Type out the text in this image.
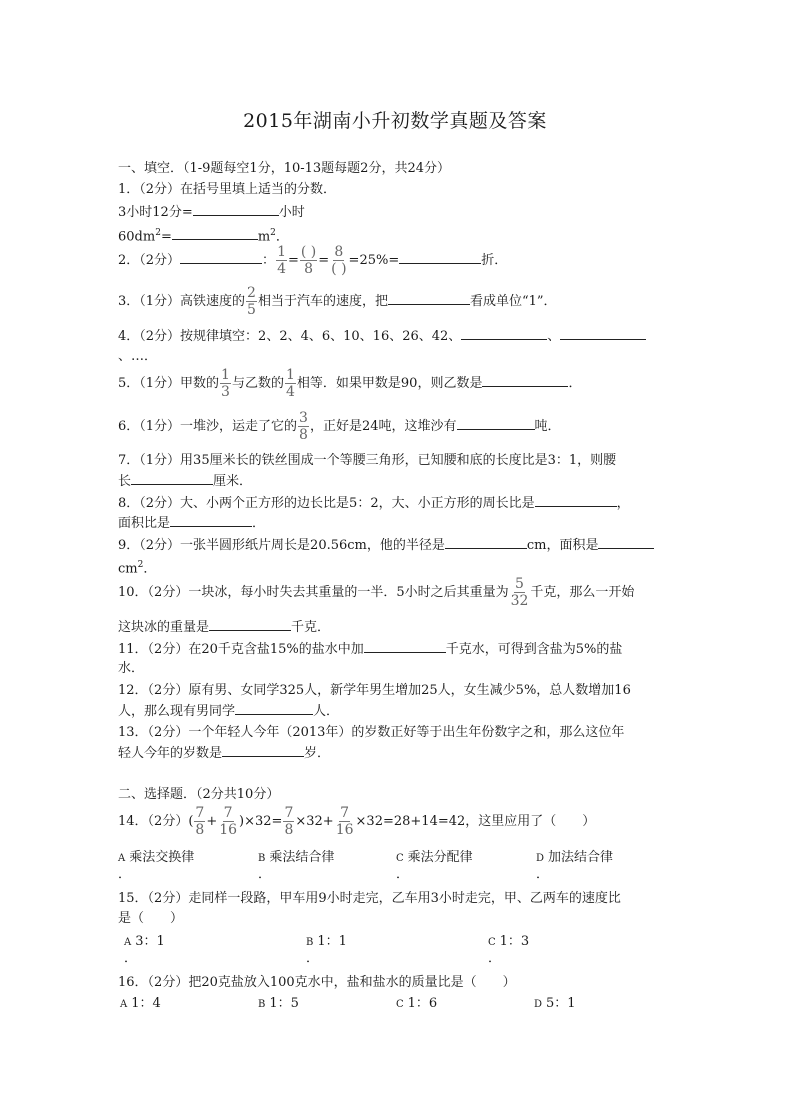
2015年湖南小升初数学真题及答案
一、填空．（1-9题每空1分，10-13题每题2分，共24分）
1．（2分）在括号里填上适当的分数．
3小时12分=	小时
$60dm^2=$	$m^2$．
2．（2分）	： $\frac{1}{4} = \frac{( )}{8} = \frac{8}{( )} =25\%=$	折．
3．（1分）高铁速度的 $\frac{2}{5}$ 相当于汽车的速度，把	看成单位“1”．
4．（2分）按规律填空：2、2、4、6、10、16、26、42、	、
、…．
5．（1分）甲数的 $\frac{1}{3}$ 与乙数的 $\frac{1}{4}$ 相等．如果甲数是90，则乙数是	．
6．（1分）一堆沙，运走了它的 $\frac{3}{8}$ ，正好是24吨，这堆沙有	吨．
7．（1分）用35厘米长的铁丝围成一个等腰三角形，已知腰和底的长度比是3：1，则腰
长	厘米．
8．（2分）大、小两个正方形的边长比是5：2，大、小正方形的周长比是	，
面积比是	．
9．（2分）一张半圆形纸片周长是20.56cm，他的半径是	cm，面积是
$cm^2$．
10．（2分）一块冰，每小时失去其重量的一半．5小时之后其重量为 $\frac{5}{32}$ 千克，那么一开始
这块冰的重量是	千克．
11．（2分）在20千克含盐15%的盐水中加	千克水，可得到含盐为5%的盐
水．
12．（2分）原有男、女同学325人，新学年男生增加25人，女生减少5%，总人数增加16
人，那么现有男同学	人．
13．（2分）一个年轻人今年（2013年）的岁数正好等于出生年份数字之和，那么这位年
轻人今年的岁数是	岁．
二、选择题．（2分共10分）
14．（2分）( $\frac{7}{8} + \frac{7}{16} )\times 32= \frac{7}{8} \times 32+ \frac{7}{16} \times 32=28+14=42$，这里应用了（　　）
A 乘法交换律	B 乘法结合律	C 乘法分配律	D 加法结合律
．	．	．	．
15．（2分）走同样一段路，甲车用9小时走完，乙车用3小时走完，甲、乙两车的速度比
是（　　）
A 3：1	B 1：1	C 1：3
．	．	．
16．（2分）把20克盐放入100克水中，盐和盐水的质量比是（　　）
A 1：4	B 1：5	C 1：6	D 5：1
